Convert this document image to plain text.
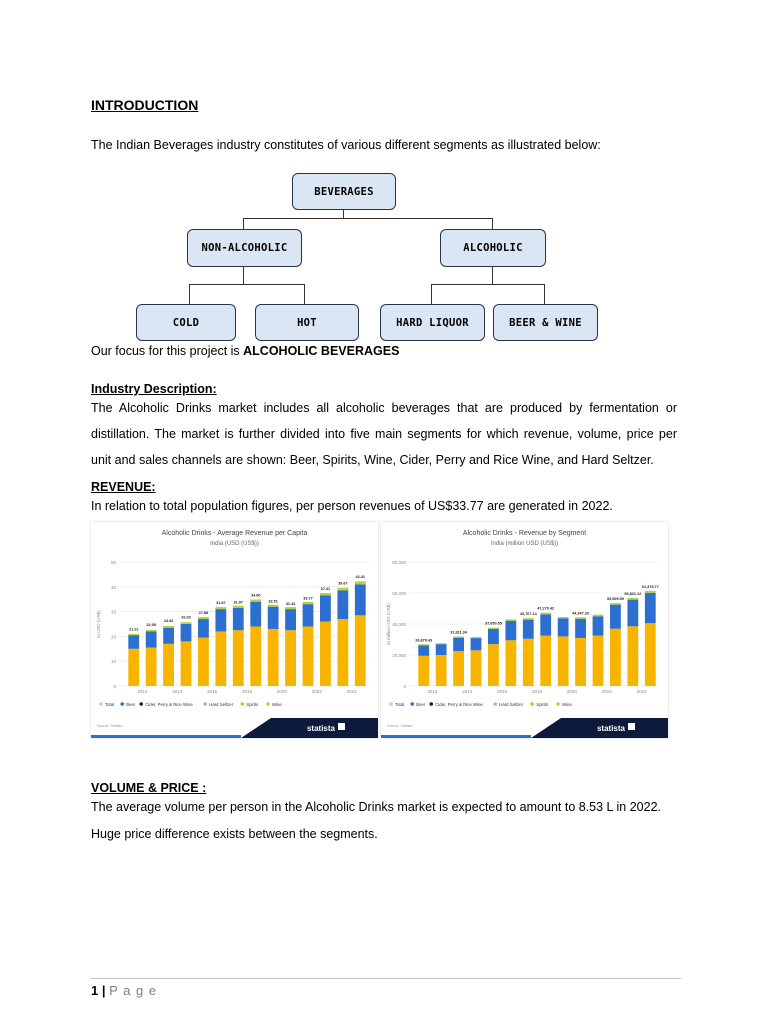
INTRODUCTION
The Indian Beverages industry constitutes of various different segments as illustrated below:
BEVERAGES
NON-ALCOHOLIC	ALCOHOLIC
COLD	HOT	HARD LIQUOR	BEER & WINE
Our focus for this project is ALCOHOLIC BEVERAGES
Industry Description:
The Alcoholic Drinks market includes all alcoholic beverages that are produced by fermentation or
distillation. The market is further divided into five main segments for which revenue, volume, price per
unit and sales channels are shown: Beer, Spirits, Wine, Cider, Perry and Rice Wine, and Hard Seltzer.
REVENUE:
In relation to total population figures, per person revenues of US$33.77 are generated in 2022.
Alcoholic Drinks - Average Revenue per Capita
India (USD (US$))
0
10
20
30
40
50
in USD (US$)	21.22
2012
22.95
24.52
2014
26.03
27.88
2016
31.87 31.97
2018
34.80
32.51
2020
31.42
33.77
2022
37.41
39.67
2024
42.41
Total	Beer Cider, Perry & Rice Wine	Hard Seltzer	Spirits	Wine
Source: Statista	statista
Alcoholic Drinks - Revenue by Segment
India (million USD (US$))
0
20,000
40,000
60,000
80,000
in million USD (US$)	26,879.43
2012
31,811.34
2014
37,650.55
2016
43,767.14
2018
47,270.42
2020
44,347.33
2022
53,509.59
56,821.12
2024
61,379.77
Total	Beer Cider, Perry & Rice Wine	Hard Seltzer	Spirits	Wine
Source: Statista	statista
VOLUME & PRICE :
The average volume per person in the Alcoholic Drinks market is expected to amount to 8.53 L in 2022.
Huge price difference exists between the segments.
1 | P a g e
